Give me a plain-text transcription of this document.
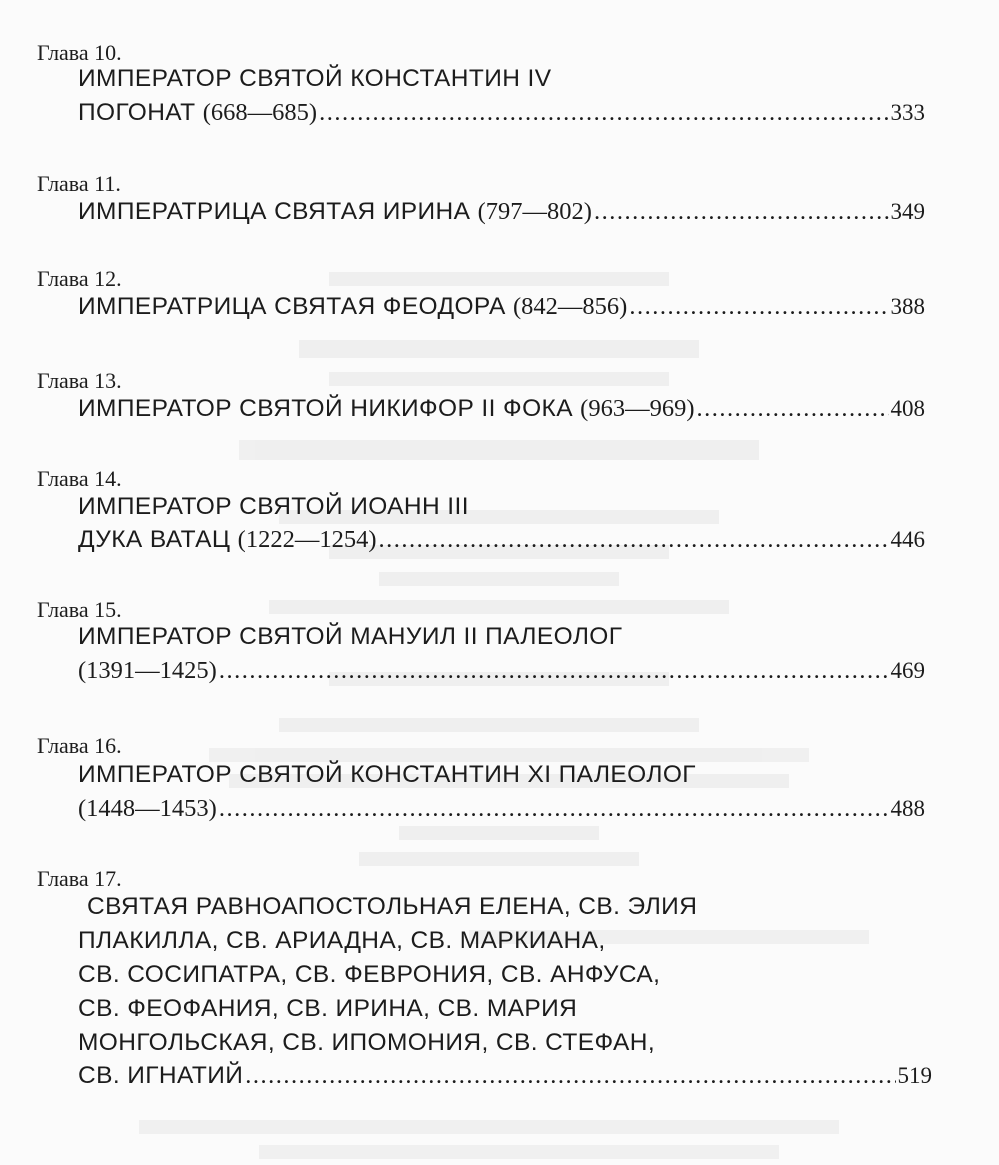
Глава 10.
ИМПЕРАТОР СВЯТОЙ КОНСТАНТИН IV
ПОГОНАТ (668—685) .....	333
Глава 11.
ИМПЕРАТРИЦА СВЯТАЯ ИРИНА (797—802) .....	349
Глава 12.
ИМПЕРАТРИЦА СВЯТАЯ ФЕОДОРА (842—856) .....	388
Глава 13.
ИМПЕРАТОР СВЯТОЙ НИКИФОР II ФОКА (963—969) .....	408
Глава 14.
ИМПЕРАТОР СВЯТОЙ ИОАНН III
ДУКА ВАТАЦ (1222—1254) .....	446
Глава 15.
ИМПЕРАТОР СВЯТОЙ МАНУИЛ II ПАЛЕОЛОГ
(1391—1425) .....	469
Глава 16.
ИМПЕРАТОР СВЯТОЙ КОНСТАНТИН XI ПАЛЕОЛОГ
(1448—1453) .....	488
Глава 17.
СВЯТАЯ РАВНОАПОСТОЛЬНАЯ ЕЛЕНА, СВ. ЭЛИЯ
ПЛАКИЛЛА, СВ. АРИАДНА, СВ. МАРКИАНА,
СВ. СОСИПАТРА, СВ. ФЕВРОНИЯ, СВ. АНФУСА,
СВ. ФЕОФАНИЯ, СВ. ИРИНА, СВ. МАРИЯ
МОНГОЛЬСКАЯ, СВ. ИПОМОНИЯ, СВ. СТЕФАН,
СВ. ИГНАТИЙ .....	519
